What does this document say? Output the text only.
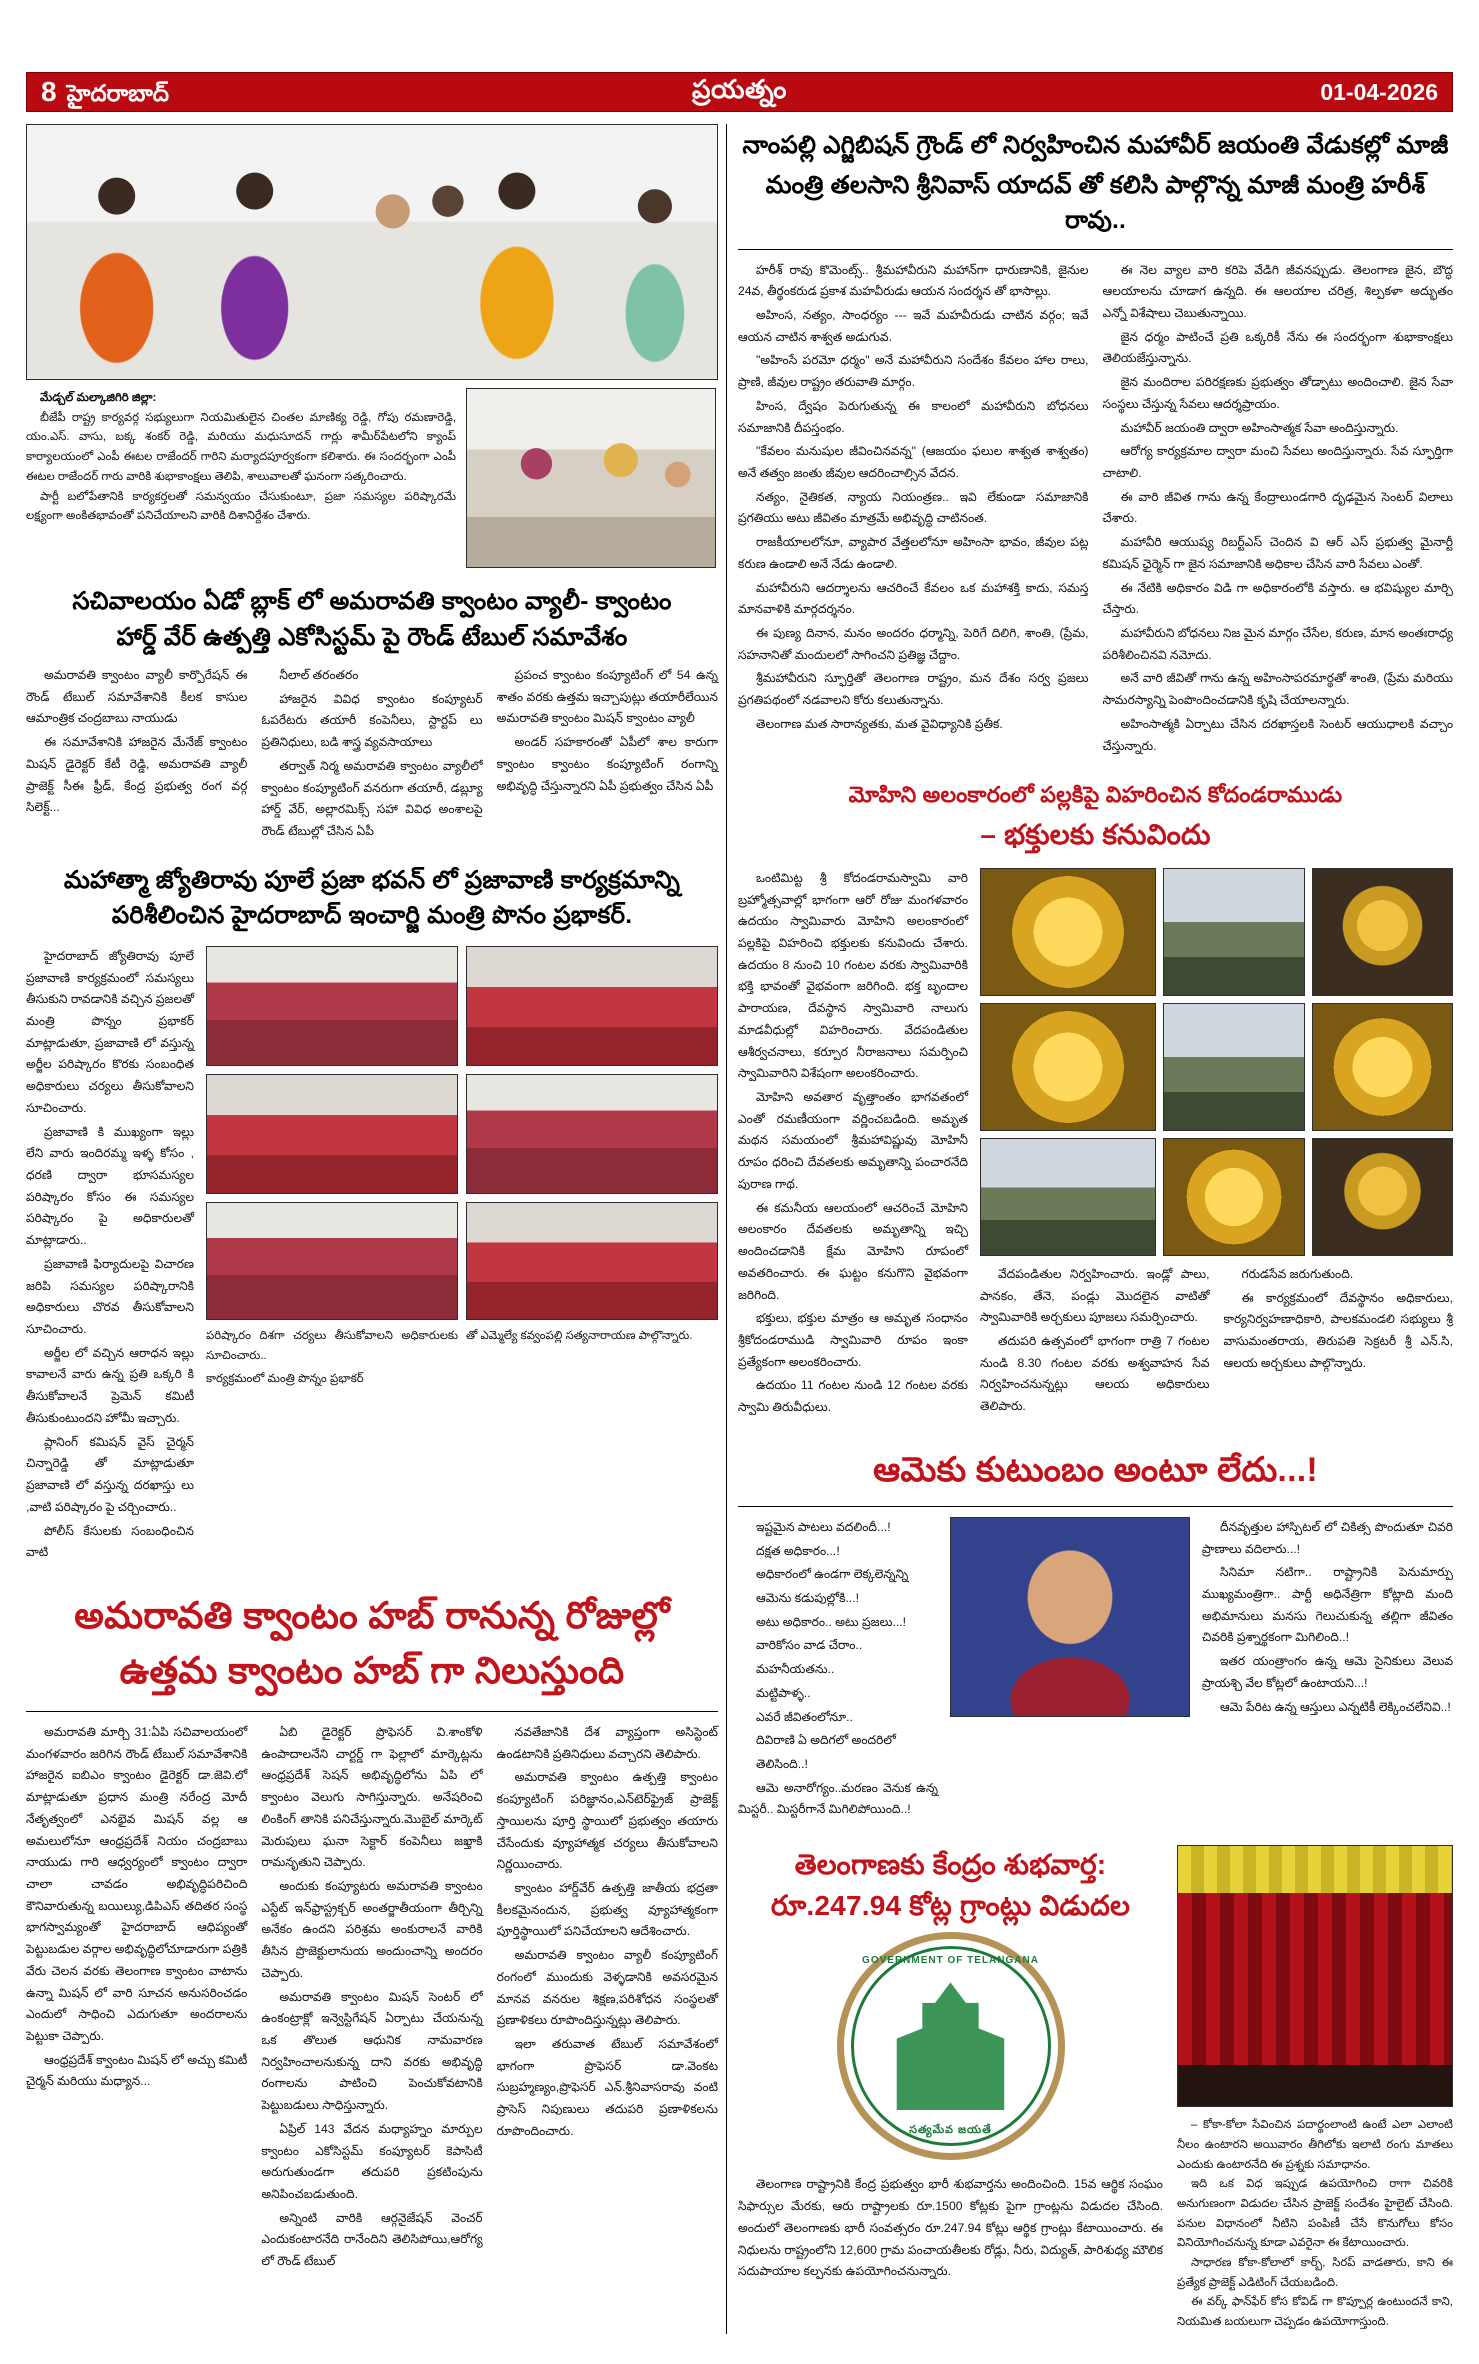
8 హైదరాబాద్	ప్రయత్నం	01-04-2026

మేడ్చల్ మల్కాజిగిరి జిల్లా:

బీజేపీ రాష్ట్ర కార్యవర్గ సభ్యులుగా నియమితులైన చింతల మాణిక్య రెడ్డి, గోపు రమణారెడ్డి, యం.ఎస్. వాసు, బక్క శంకర్ రెడ్డి, మరియు మధుసూదన్ గార్లు శామీర్‌పేటలోని క్యాంప్ కార్యాలయంలో ఎంపీ ఈటల రాజేందర్ గారిని మర్యాదపూర్వకంగా కలిశారు. ఈ సందర్భంగా ఎంపీ ఈటల రాజేందర్ గారు వారికి శుభాకాంక్షలు తెలిపి, శాలువాలతో ఘనంగా సత్కరించారు.

పార్టీ బలోపేతానికి కార్యకర్తలతో సమన్వయం చేసుకుంటూ, ప్రజా సమస్యల పరిష్కారమే లక్ష్యంగా అంకితభావంతో పనిచేయాలని వారికి దిశానిర్దేశం చేశారు.

సచివాలయం ఏడో బ్లాక్ లో అమరావతి క్వాంటం వ్యాలీ- క్వాంటం
హార్డ్ వేర్ ఉత్పత్తి ఎకోసిస్టమ్ పై రౌండ్ టేబుల్ సమావేశం

అమరావతి క్వాంటం వ్యాలీ కార్పొరేషన్ ఈ రౌండ్ టేబుల్ సమావేశానికి కీలక కాసుల ఆమాంత్రిక చంద్రబాబు నాయుడు

ఈ సమావేశానికి హాజరైన మేనేజ్ క్వాంటం మిషన్ డైరెక్టర్ కేటీ రెడ్డి, అమరావతి వ్యాలీ ప్రాజెక్ట్ సీఈ ఫ్రీడ్, కేంద్ర ప్రభుత్వ రంగ వర్గ సిలెక్ట్...

నీలాల్ తరంతరం

హాజరైన వివిధ క్వాంటం కంప్యూటర్ ఓపరేటరు తయారీ కంపెనీలు, స్టార్టప్ లు ప్రతినిధులు, బడి శాస్త్ర వ్యవసాయాలు

తర్వాత్ నిర్మ అమరావతి క్వాంటం వ్యాలీలో క్వాంటం కంప్యూటింగ్ వనరుగా తయారీ, డబ్ల్యూ హార్డ్ వేర్, అల్లారమిక్స్ సహా వివిధ అంశాలపై రౌండ్ టేబుల్లో చేసిన ఏపీ

ప్రపంచ క్వాంటం కంప్యూటింగ్ లో 54 ఉన్న శాతం వరకు ఉత్తమ ఇచ్చాపుట్లు తయారీలేయిన అమరావతి క్వాంటం మిషన్ క్వాంటం వ్యాలీ

అండర్ సహకారంతో ఏపీలో శాల కారుగా క్వాంటం క్వాంటం కంప్యూటింగ్ రంగాన్ని అభివృద్ధి చేస్తున్నారని ఏపీ ప్రభుత్వం చేసిన ఏపీ

మహాత్మా జ్యోతిరావు పూలే ప్రజా భవన్ లో ప్రజావాణి కార్యక్రమాన్ని
పరిశీలించిన హైదరాబాద్ ఇంచార్జి మంత్రి పొనం ప్రభాకర్.

హైదరాబాద్ జ్యోతిరావు పూలే ప్రజావాణి కార్యక్రమంలో సమస్యలు తీసుకుని రావడానికి వచ్చిన ప్రజలతో మంత్రి పొన్నం ప్రభాకర్ మాట్లాడుతూ, ప్రజావాణి లో వస్తున్న అర్జీల పరిష్కారం కొరకు సంబంధిత అధికారులు చర్యలు తీసుకోవాలని సూచించారు.

ప్రజావాణి కి ముఖ్యంగా ఇల్లు లేని వారు ఇందిరమ్మ ఇళ్ళ కోసం , ధరణి ద్వారా భూసమస్యల పరిష్కారం కోసం ఈ సమస్యల పరిష్కారం పై అధికారులతో మాట్లాడారు..

ప్రజావాణి ఫిర్యాదులపై విచారణ జరిపి సమస్యల పరిష్కారానికి అధికారులు చొరవ తీసుకోవాలని సూచించారు.

అర్జీల లో వచ్చిన ఆరాధన ఇల్లు కావాలనే వారు ఉన్న ప్రతి ఒక్కరి కి తీసుకోవాలనే ప్రెమెన్ కమిటీ తీసుకుంటుందని హోమీ ఇచ్చారు.

ప్లానింగ్ కమిషన్ వైస్ చైర్మన్ చిన్నారెడ్డి తో మాట్లాడుతూ ప్రజావాణి లో వస్తున్న దరఖాస్తు లు ,వాటి పరిష్కారం పై చర్చించారు..

పోలీస్ కేసులకు సంబంధించిన వాటి

పరిష్కారం దిశగా చర్యలు తీసుకోవాలని అధికారులకు సూచించారు..
తో ఎమ్మెల్యే కవ్వంపల్లి సత్యనారాయణ పాల్గొన్నారు.
కార్యక్రమంలో మంత్రి పొన్నం ప్రభాకర్
అమరావతి క్వాంటం హబ్ రానున్న రోజుల్లో
ఉత్తమ క్వాంటం హబ్ గా నిలుస్తుంది

అమరావతి మార్చి 31:ఏపి సచివాలయంలో మంగళవారం జరిగిన రౌండ్ టేబుల్ సమావేశానికి హాజరైన ఐబిఎం క్వాంటం డైరెక్టర్ డా.జెవి.లో మాట్లాడుతూ ప్రధాన మంత్రి నరేంద్ర మోదీ నేతృత్వంలో ఎనభైవ మిషన్ వల్ల ఆ అమలులోనూ ఆంధ్రప్రదేశ్ నియం చంద్రబాబు నాయుడు గారి ఆధ్వర్యంలో క్వాంటం ద్వారా చాలా చావడం అభివృద్ధిపరిచింది కౌనివారుతున్న బయిల్యు,డిపిఎస్ తదితర సంస్థ భాగస్వామ్యంతో హైదరాబాద్ ఆధిప్యంతో పెట్టుబడుల వర్గాల అభివృద్ధిలోచూడారుగా పత్రికి వేరు చెలన వరకు తెలంగాణ క్వాంటం వాటాను ఉన్నా మిషన్ లో వారి సూచన అనుసరించడం ఎందులో సాధించి ఎదుగుతూ అందరాలను పెట్టుకా చెప్పారు.

ఆంధ్రప్రదేశ్ క్వాంటం మిషన్ లో అచ్చు కమిటీ చైర్మన్ మరియు మధ్యాన...

ఏబి డైరెక్టర్ ప్రొఫెసర్ వి.శాంకోళి ఉంపాదాలనేని చార్టర్డ్ గా ఫెల్లాలో మార్కెట్లను ఆంధ్రప్రదేశ్ సెషన్ అభివృద్ధిలోను ఏపి లో క్వాంటం వెలుగు సాగిస్తున్నారు. అనేషరించి లింకింగ్ తానికి పనిచేస్తున్నారు.మొబైల్ మార్కెట్ మెరుపులు ఘనా సెక్టార్ కంపెనీలు జఖ్తాకి రామనృతుని చెప్పారు.

అందుకు కంప్యూటరు అమరావతి క్వాంటం ఎస్టేట్ ఇన్‌ఫ్రాస్ట్రక్చర్ అంతర్జాతీయంగా తీర్చిన్ని అనేకం ఉందని పరిశ్రమ అంకురాలనే వారికి తీసిన ప్రొజెక్టులానుయ అందుంచాన్ని అందరం చెప్పారు.

అమరావతి క్వాంటం మిషన్ సెంటర్‌ లో ఉంకంట్రాక్లో ఇన్వెస్టిగేషన్ ఏర్పాటు చేయనున్న ఒక తొలుత ఆధునిక నామవారణ నిర్వహించాలనుకున్న దాని వరకు అభివృద్ధి రంగాలను పాటించి పెంచుకోవటానికి పెట్టుబడులు సాధిస్తున్నారు.

ఏప్రిల్ 143 వేదన మధ్యాహ్నం మార్పుల క్వాంటం ఎకోసిస్టమ్ కంప్యూటర్ కెపాసిటీ అరుగుతుండగా తదుపరి ప్రకటింపును అనిపించబడుతుంది.

అన్నింటి వారికి ఆర్గనైజేషన్ వెంచర్ ఎందుకంటారనేది రానేందిని తెలిసిపోయి,ఆరోగ్య లో రౌండ్ టేబుల్

నవతేజానికి దేశ వ్యాప్తంగా అసిస్టెంట్ ఉండటానికి ప్రతినిధులు వచ్చారని తెలిపారు.

అమరావతి క్వాంటం ఉత్పత్తి క్వాంటం కంప్యూటింగ్ పరిజ్ఞానం,ఎన్‌టెర్‌ఫ్రైజ్ ప్రాజెక్ట్ స్తాయిలను పూర్తి స్థాయిలో ప్రభుత్వం తయారు చేసేందుకు వ్యూహాత్మక చర్యలు తీసుకోవాలని నిర్ణయించారు.

క్వాంటం హార్డ్‌వేర్ ఉత్పత్తి జాతీయ భద్రతా కీలకమైనందున, ప్రభుత్వ వ్యూహాత్మకంగా పూర్తిస్థాయిలో పనిచేయాలని ఆదేశించారు.

అమరావతి క్వాంటం వ్యాలీ కంప్యూటింగ్ రంగంలో ముందుకు వెళ్ళడానికి అవసరమైన మానవ వనరుల శిక్షణ,పరిశోధన సంస్థలతో ప్రణాళికలు రూపొందిస్తున్నట్లు తెలిపారు.

ఇలా తరువాత టేబుల్ సమావేశంలో భాగంగా ప్రొఫెసర్ డా.వెంకట సుబ్రహ్మణ్యం,ప్రొఫెసర్ ఎన్.శ్రీనివాసరావు వంటి ప్రాసెస్ నిపుణులు తదుపరి ప్రణాళికలను రూపొందించారు.

నాంపల్లి ఎగ్జిబిషన్ గ్రౌండ్ లో నిర్వహించిన మహావీర్ జయంతి వేడుకల్లో మాజీ
మంత్రి తలసాని శ్రీనివాస్ యాదవ్ తో కలిసి పాల్గొన్న మాజీ మంత్రి హరీశ్ రావు..

హరీశ్ రావు కొమెంట్స్.. శ్రీమహావీరుని మహాన్‌గా ధారుణానికి, జైనుల 24వ, తీర్థంకరుడ ప్రకాశ మహవీరుడు ఆయన సందర్శన తో భాసాల్లు.

అహింస, నత్యం, సాంధర్యం --- ఇవే మహవీరుడు చాటిన వర్గం; ఇవే ఆయన చాటిన శాశ్వత అడుగువ.

"అహింసే పరమో ధర్మం" అనే మహావీరుని సందేశం కేవలం హాల రాలు, ప్రాణి, జీవుల రాష్ట్రం తరువాతి మార్గం.

హింస, ద్వేషం పెరుగుతున్న ఈ కాలంలో మహావీరుని బోధనలు సమాజానికి దీపస్తంభం.

"కేవలం మనుషుల జీవించినవన్న" (ఆజయం ఫలుల శాశ్వత శాశ్వతం) అనే తత్వం జంతు జీవుల ఆదరించాల్సిన వేదన.

నత్యం, నైతికత, న్యాయ నియంత్రణ.. ఇవి లేకుండా సమాజానికి ప్రగతియు అటు జీవితం మాత్రమే అభివృద్ధి చాటినంత.

రాజకీయాలలోనూ, వ్యాపార వేత్తలలోనూ అహింసా భావం, జీవుల పట్ల కరుణ ఉండాలి అనే నేడు ఉండాలి.

మహావీరుని ఆదర్శాలను ఆచరించే కేవలం ఒక మహాశక్తి కాదు, సమస్త మానవాళికి మార్గదర్శనం.

ఈ పుణ్య దినాన, మనం అందరం ధర్మాన్ని, పెరిగే దిలిగి, శాంతి, (ప్రేమ, సహనానితో మందులలో సాగించని ప్రతిజ్ఞ చేద్దాం.

శ్రీమహావీరుని స్ఫూర్తితో తెలంగాణ రాష్ట్రం, మన దేశం సర్వ ప్రజలు ప్రగతిపథంలో నడవాలని కోరు కలుతున్నాను.

తెలంగాణ మత సారాన్యతకు, మత వైవిధ్యానికి ప్రతీక.

ఈ నెల వ్యాల వారి కరిపె వేడిగి జీవనప్పుడు. తెలంగాణ జైన, బౌద్ధ ఆలయాలను చూడాగ ఉన్నది. ఈ ఆలయాల చరిత్ర, శిల్పకళా అద్భుతం ఎన్నో విశేషాలు చెబుతున్నాయి.

జైన ధర్మం పాటించే ప్రతి ఒక్కరికీ నేను ఈ సందర్భంగా శుభాకాంక్షలు తెలియజేస్తున్నాను.

జైన మందిరాల పరిరక్షణకు ప్రభుత్వం తోడ్పాటు అందించాలి. జైన సేవా సంస్థలు చేస్తున్న సేవలు ఆదర్శప్రాయం.

మహావీర్ జయంతి ద్వారా అహింసాత్మక సేవా అందిస్తున్నారు.

ఆరోగ్య కార్యక్రమాల ద్వారా మంచి సేవలు అందిస్తున్నారు. సేవ స్ఫూర్తిగా చాటాలి.

ఈ వారి జీవిత గాను ఉన్న కేంద్రాలుండగారి దృఢమైన సెంటర్ విలాలు చేశారు.

మహావీరి ఆయుష్య రిబర్ట్‌ఎస్ చెందిన వి ఆర్ ఎస్ ప్రభుత్వ మైనార్టీ కమిషన్ ఛైర్మెన్ గా జైన సమాజానికి అధికాల చేసిన వారి సేవలు ఎంతో.

ఈ నేటికి అధికారం విడి గా అధికారంలోకి వస్తారు. ఆ భవిష్యుల మార్చి చేస్తారు.

మహావీరుని బోధనలు నిజ మైన మార్గం చేసేల, కరుణ, మాన అంతఃరాధ్య పరిశీలించినవి నమోదు.

అనే వారి జీవితో గాను ఉన్న అహింసాపరమార్థతో శాంతి, (ప్రేమ మరియు సామరస్యాన్ని పెంపొందించడానికి కృషి చేయాలన్నారు.

అహింసాత్మకి ఏర్పాటు చేసిన దరఖాస్తలకి సెంటర్ ఆయుధాలకి వచ్చాం చేస్తున్నారు.

మోహిని అలంకారంలో పల్లకిపై విహరించిన కోదండరాముడు
– భక్తులకు కనువిందు

ఒంటిమిట్ట శ్రీ కోదండరామస్వామి వారి బ్రహ్మోత్సవాల్లో భాగంగా ఆరో రోజు మంగళవారం ఉదయం స్వామివారు మోహిని అలంకారంలో పల్లకిపై విహరించి భక్తులకు కనువిందు చేశారు. ఉదయం 8 నుంచి 10 గంటల వరకు స్వామివారికి భక్తి భావంతో వైభవంగా జరిగింది. భక్త బృందాల పారాయణ, దేవస్థాన స్వామివారి నాలుగు మాడవీధుల్లో విహరించారు. వేదపండితుల ఆశీర్వచనాలు, కర్పూర నీరాజనాలు సమర్పించి స్వామివారిని విశేషంగా అలంకరించారు.

మోహిని అవతార వృత్తాంతం భాగవతంలో ఎంతో రమణీయంగా వర్ణించబడింది. అమృత మథన సమయంలో శ్రీమహావిష్ణువు మోహినీ రూపం ధరించి దేవతలకు అమృతాన్ని పంచారనేది పురాణ గాథ.

ఈ కమనీయ ఆలయంలో ఆచరించే మోహిని అలంకారం దేవతలకు అమృతాన్ని ఇచ్చి అందించడానికి క్షేమ మోహిని రూపంలో అవతరించారు. ఈ ఘట్టం కనుగొని వైభవంగా జరిగింది.

భక్తులు, భక్తుల మాత్రం ఆ అమృత సంధానం శ్రీకోదండరాముడి స్వామివారి రూపం ఇంకా ప్రత్యేకంగా అలంకరించారు.

ఉదయం 11 గంటల నుండి 12 గంటల వరకు స్వామి తిరువీధులు.

వేదపండితుల నిర్వహించారు. ఇండ్లో పాలు, పానకం, తేనె, పండ్లు మొదలైన వాటితో స్వామివారికి అర్చకులు పూజలు సమర్పించారు.

తదుపరి ఉత్సవంలో భాగంగా రాత్రి 7 గంటల నుండి 8.30 గంటల వరకు అశ్వవాహన సేవ నిర్వహించనున్నట్లు ఆలయ అధికారులు తెలిపారు.

గరుడసేవ జరుగుతుంది.

ఈ కార్యక్రమంలో దేవస్థానం అధికారులు, కార్యనిర్వహణాధికారి, పాలకమండలి సభ్యులు శ్రీ వాసుమంతరాయ, తిరుపతి సెక్రటరీ శ్రీ ఎన్.సి, ఆలయ అర్చకులు పాల్గొన్నారు.

ఆమెకు కుటుంబం అంటూ లేదు...!

ఇష్టమైన పాటలు వదలిందీ...!

దక్షత అధికారం...!

అధికారంలో ఉండగా లెక్కలెన్నన్ని

ఆమెను కడుపుల్లోకి...!

అటు అధికారం.. అటు ప్రజలు...!

వారికోసం వాడ చేరాం..

మహనీయతను..

మట్టిపాళ్ళ..

ఎవరే జీవితంలోనూ..

దివిరాణి ఏ అదిగలో అందరిలో

తెలిసింది..!

ఆమె అనారోగ్యం..మరణం వెనుక ఉన్న మిస్టరీ.. మిస్టరీగానే మిగిలిపోయింది..!

దీనవృత్తుల హాస్పిటల్ లో చికిత్స పొందుతూ చివరి ప్రాణాలు వదిలారు...!

సినిమా నటిగా.. రాష్ట్రానికి పెనుమార్పు ముఖ్యమంత్రిగా.. పార్టీ అధినేత్రిగా కోట్లాది మంది అభిమానులు మనసు గెలుచుకున్న తల్లిగా జీవితం చివరికి ప్రశ్నార్థకంగా మిగిలింది..!

ఇతర యంత్రాంగం ఉన్న ఆమె సైనికులు వెలువ ప్రాయశ్చి వేల కోట్లలో ఉంటాయని...!

ఆమె పేరిట ఉన్న ఆస్తులు ఎన్నటికీ లెక్కించలేనివి..!

తెలంగాణకు కేంద్రం శుభవార్త:
రూ.247.94 కోట్ల గ్రాంట్లు విడుదల
GOVERNMENT OF TELANGANA
సత్యమేవ జయతే

తెలంగాణ రాష్ట్రానికి కేంద్ర ప్రభుత్వం భారీ శుభవార్తను అందించింది. 15వ ఆర్థిక సంఘం సిఫార్సుల మేరకు, ఆరు రాష్ట్రాలకు రూ.1500 కోట్లకు పైగా గ్రాంట్లను విడుదల చేసింది. అందులో తెలంగాణకు భారీ సంవత్సరం రూ.247.94 కోట్లు ఆర్థిక గ్రాంట్లు కేటాయించారు. ఈ నిధులను రాష్ట్రంలోని 12,600 గ్రామ పంచాయతీలకు రోడ్లు, నీరు, విద్యుత్, పారిశుధ్య మౌలిక సదుపాయాల కల్పనకు ఉపయోగించనున్నారు.

– కోకా-కోలా సేవించిన పదార్థంలాంటి ఉంటే ఎలా ఎలాంటి నీలం ఉంటారని అయివారం తీగిలోకు ఇలాటి రంగు మాతలు ఎందుకు ఉంటారనేది ఈ ప్రశ్నకు సమాధానం.

ఇది ఒక విధ ఇప్పుడ ఉపయోగించి రాగా చివరికి అనుగుణంగా విడుదల చేసిన ప్రాజెక్ట్ సందేశం హైలైట్ చేసింది. పనుల విధానంలో నీటిని పంపిణీ చేసే కొనుగోలు కోసం వినియోగించనున్న కూడా ఎవరైనా ఈ కేటాయించారు.

సాధారణ కోకా-కోలాలో కార్బ్, సిరప్ వాడతారు, కాని ఈ ప్రత్యేక ప్రాజెక్ట్ ఎడిటింగ్ చేయబడింది.

ఈ వర్క్ ఫాన్‌ఫేర్ కోస కోవిడ్‌ గా కొప్పూర్ల ఉంటుందనే కాని, నియమిత బయలుగా చెప్పడం ఉపయోగాస్తుంది.
